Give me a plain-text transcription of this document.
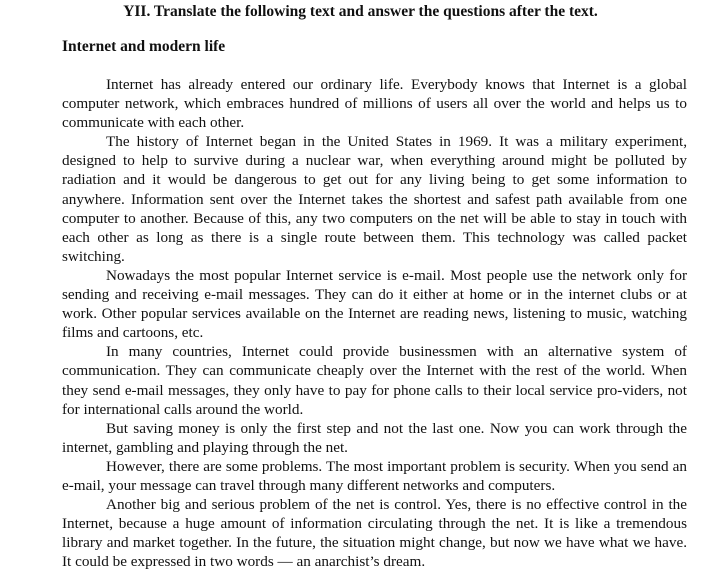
YII. Translate the following text and answer the questions after the text.
Internet and modern life

Internet has already entered our ordinary life. Everybody knows that Internet is a global computer network, which embraces hundred of millions of users all over the world and helps us to communicate with each other.

The history of Internet began in the United States in 1969. It was a military experiment, designed to help to survive during a nuclear war, when everything around might be polluted by radiation and it would be dangerous to get out for any living being to get some information to anywhere. Information sent over the Internet takes the shortest and safest path available from one computer to another. Because of this, any two computers on the net will be able to stay in touch with each other as long as there is a single route between them. This technology was called packet switching.

Nowadays the most popular Internet service is e-mail. Most people use the network only for sending and receiving e-mail messages. They can do it either at home or in the internet clubs or at work. Other popular services available on the Internet are reading news, listening to music, watching films and cartoons, etc.

In many countries, Internet could provide businessmen with an alternative system of communication. They can communicate cheaply over the Internet with the rest of the world. When they send e-mail messages, they only have to pay for phone calls to their local service pro-viders, not for international calls around the world.

But saving money is only the first step and not the last one. Now you can work through the internet, gambling and playing through the net.

However, there are some problems. The most important problem is security. When you send an e-mail, your message can travel through many different networks and computers.

Another big and serious problem of the net is control. Yes, there is no effective control in the Internet, because a huge amount of information circulating through the net. It is like a tremendous library and market together. In the future, the situation might change, but now we have what we have. It could be expressed in two words — an anarchist’s dream.
